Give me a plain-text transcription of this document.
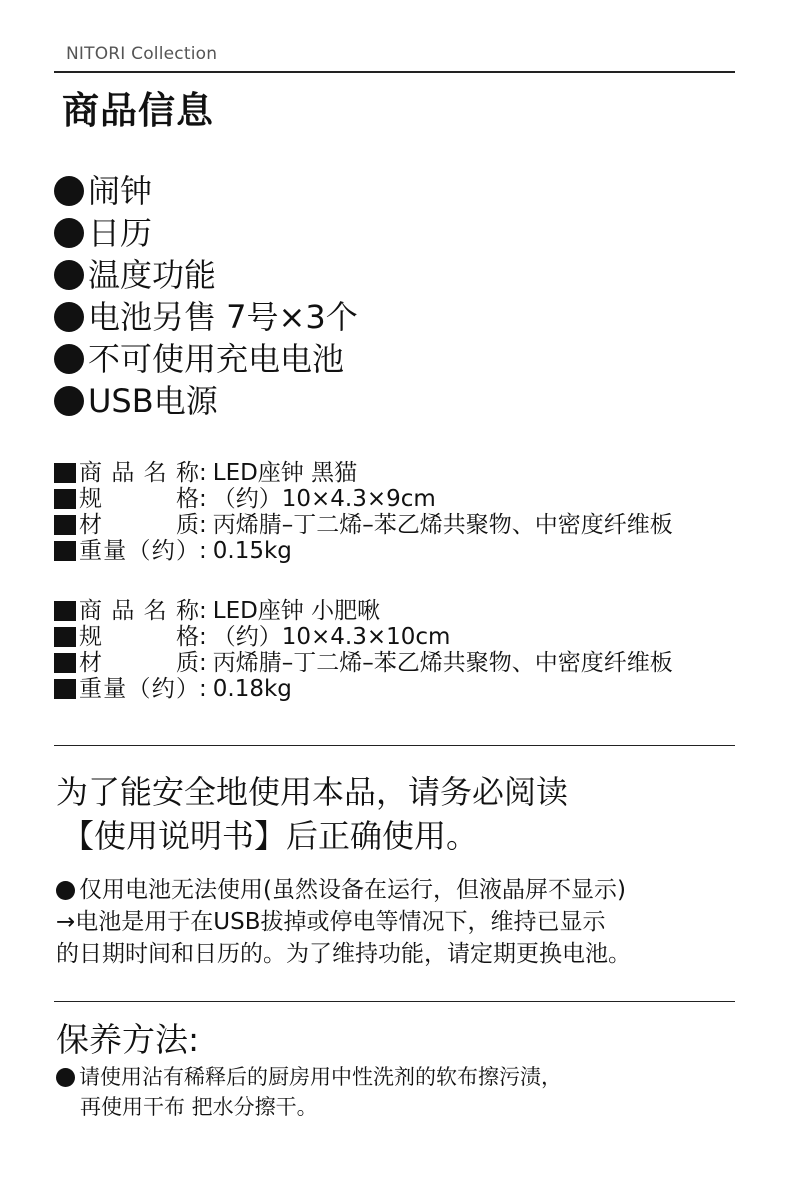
NITORI Collection
商品信息
闹钟
日历
温度功能
电池另售 7号×3个
不可使用充电电池
USB电源
商品名称 : LED座钟 黑猫
规格 : （约）10×4.3×9cm
材质 : 丙烯腈–丁二烯–苯乙烯共聚物、中密度纤维板
重量（约） : 0.15kg
商品名称 : LED座钟 小肥啾
规格 : （约）10×4.3×10cm
材质 : 丙烯腈–丁二烯–苯乙烯共聚物、中密度纤维板
重量（约） : 0.18kg
为了能安全地使用本品，请务必阅读
【使用说明书】后正确使用。
仅用电池无法使用(虽然设备在运行，但液晶屏不显示)
→电池是用于在USB拔掉或停电等情况下，维持已显示
的日期时间和日历的。为了维持功能，请定期更换电池。
保养方法:
请使用沾有稀释后的厨房用中性洗剂的软布擦污渍，
再使用干布 把水分擦干。
